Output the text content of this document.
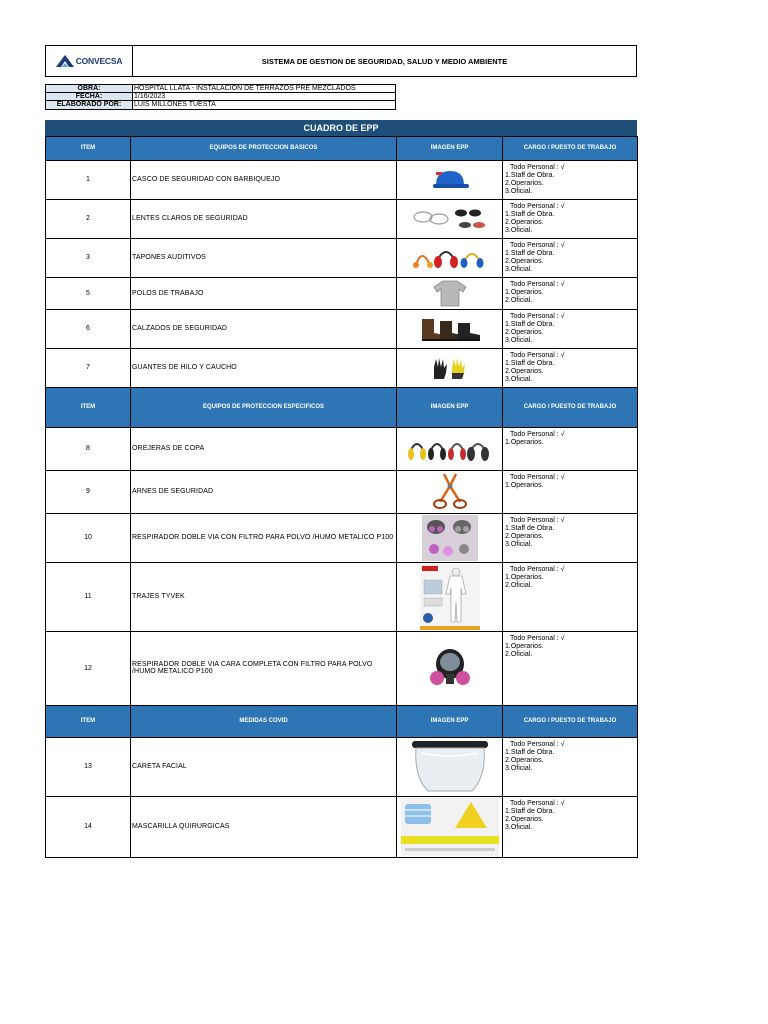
CONVECSA	SISTEMA DE GESTION DE SEGURIDAD, SALUD Y MEDIO AMBIENTE
OBRA:	HOSPITAL LLATA - INSTALACIÓN DE TERRAZOS PRE MEZCLADOS
FECHA:	1/16/2023
ELABORADO POR:	LUIS MILLONES TUESTA
CUADRO DE EPP
ITEM	EQUIPOS DE PROTECCION BASICOS	IMAGEN EPP	CARGO / PUESTO DE TRABAJO
1	CASCO DE SEGURIDAD CON BARBIQUEJO		Todo Personal : √
1.Staff de Obra.
2.Operarios.
3.Oficial.

2	LENTES CLAROS DE SEGURIDAD		Todo Personal : √
1.Staff de Obra.
2.Operarios.
3.Oficial.

3	TAPONES AUDITIVOS		Todo Personal : √
1.Staff de Obra.
2.Operarios.
3.Oficial.

5	POLOS DE TRABAJO		Todo Personal : √
1.Operarios.
2.Oficial.

6	CALZADOS DE SEGURIDAD		Todo Personal : √
1.Staff de Obra.
2.Operarios.
3.Oficial.

7	GUANTES DE HILO Y CAUCHO		Todo Personal : √
1.Staff de Obra.
2.Operarios.
3.Oficial.

ITEM	EQUIPOS DE PROTECCION ESPECIFICOS	IMAGEN EPP	CARGO / PUESTO DE TRABAJO
8	OREJERAS DE COPA		Todo Personal : √
1.Operarios.

9	ARNES DE SEGURIDAD		Todo Personal : √
1.Operarios.

10	RESPIRADOR DOBLE VIA CON FILTRO PARA POLVO /HUMO METALICO P100		Todo Personal : √
1.Staff de Obra.
2.Operarios.
3.Oficial.

11	TRAJES TYVEK		Todo Personal : √
1.Operarios.
2.Oficial.

12	RESPIRADOR DOBLE VIA CARA COMPLETA CON FILTRO PARA POLVO /HUMO METALICO P100		Todo Personal : √
1.Operarios.
2.Oficial.

ITEM	MEDIDAS COVID	IMAGEN EPP	CARGO / PUESTO DE TRABAJO
13	CARETA FACIAL		Todo Personal : √
1.Staff de Obra.
2.Operarios.
3.Oficial.

14	MASCARILLA QUIRURGICAS		Todo Personal : √
1.Staff de Obra.
2.Operarios.
3.Oficial.
